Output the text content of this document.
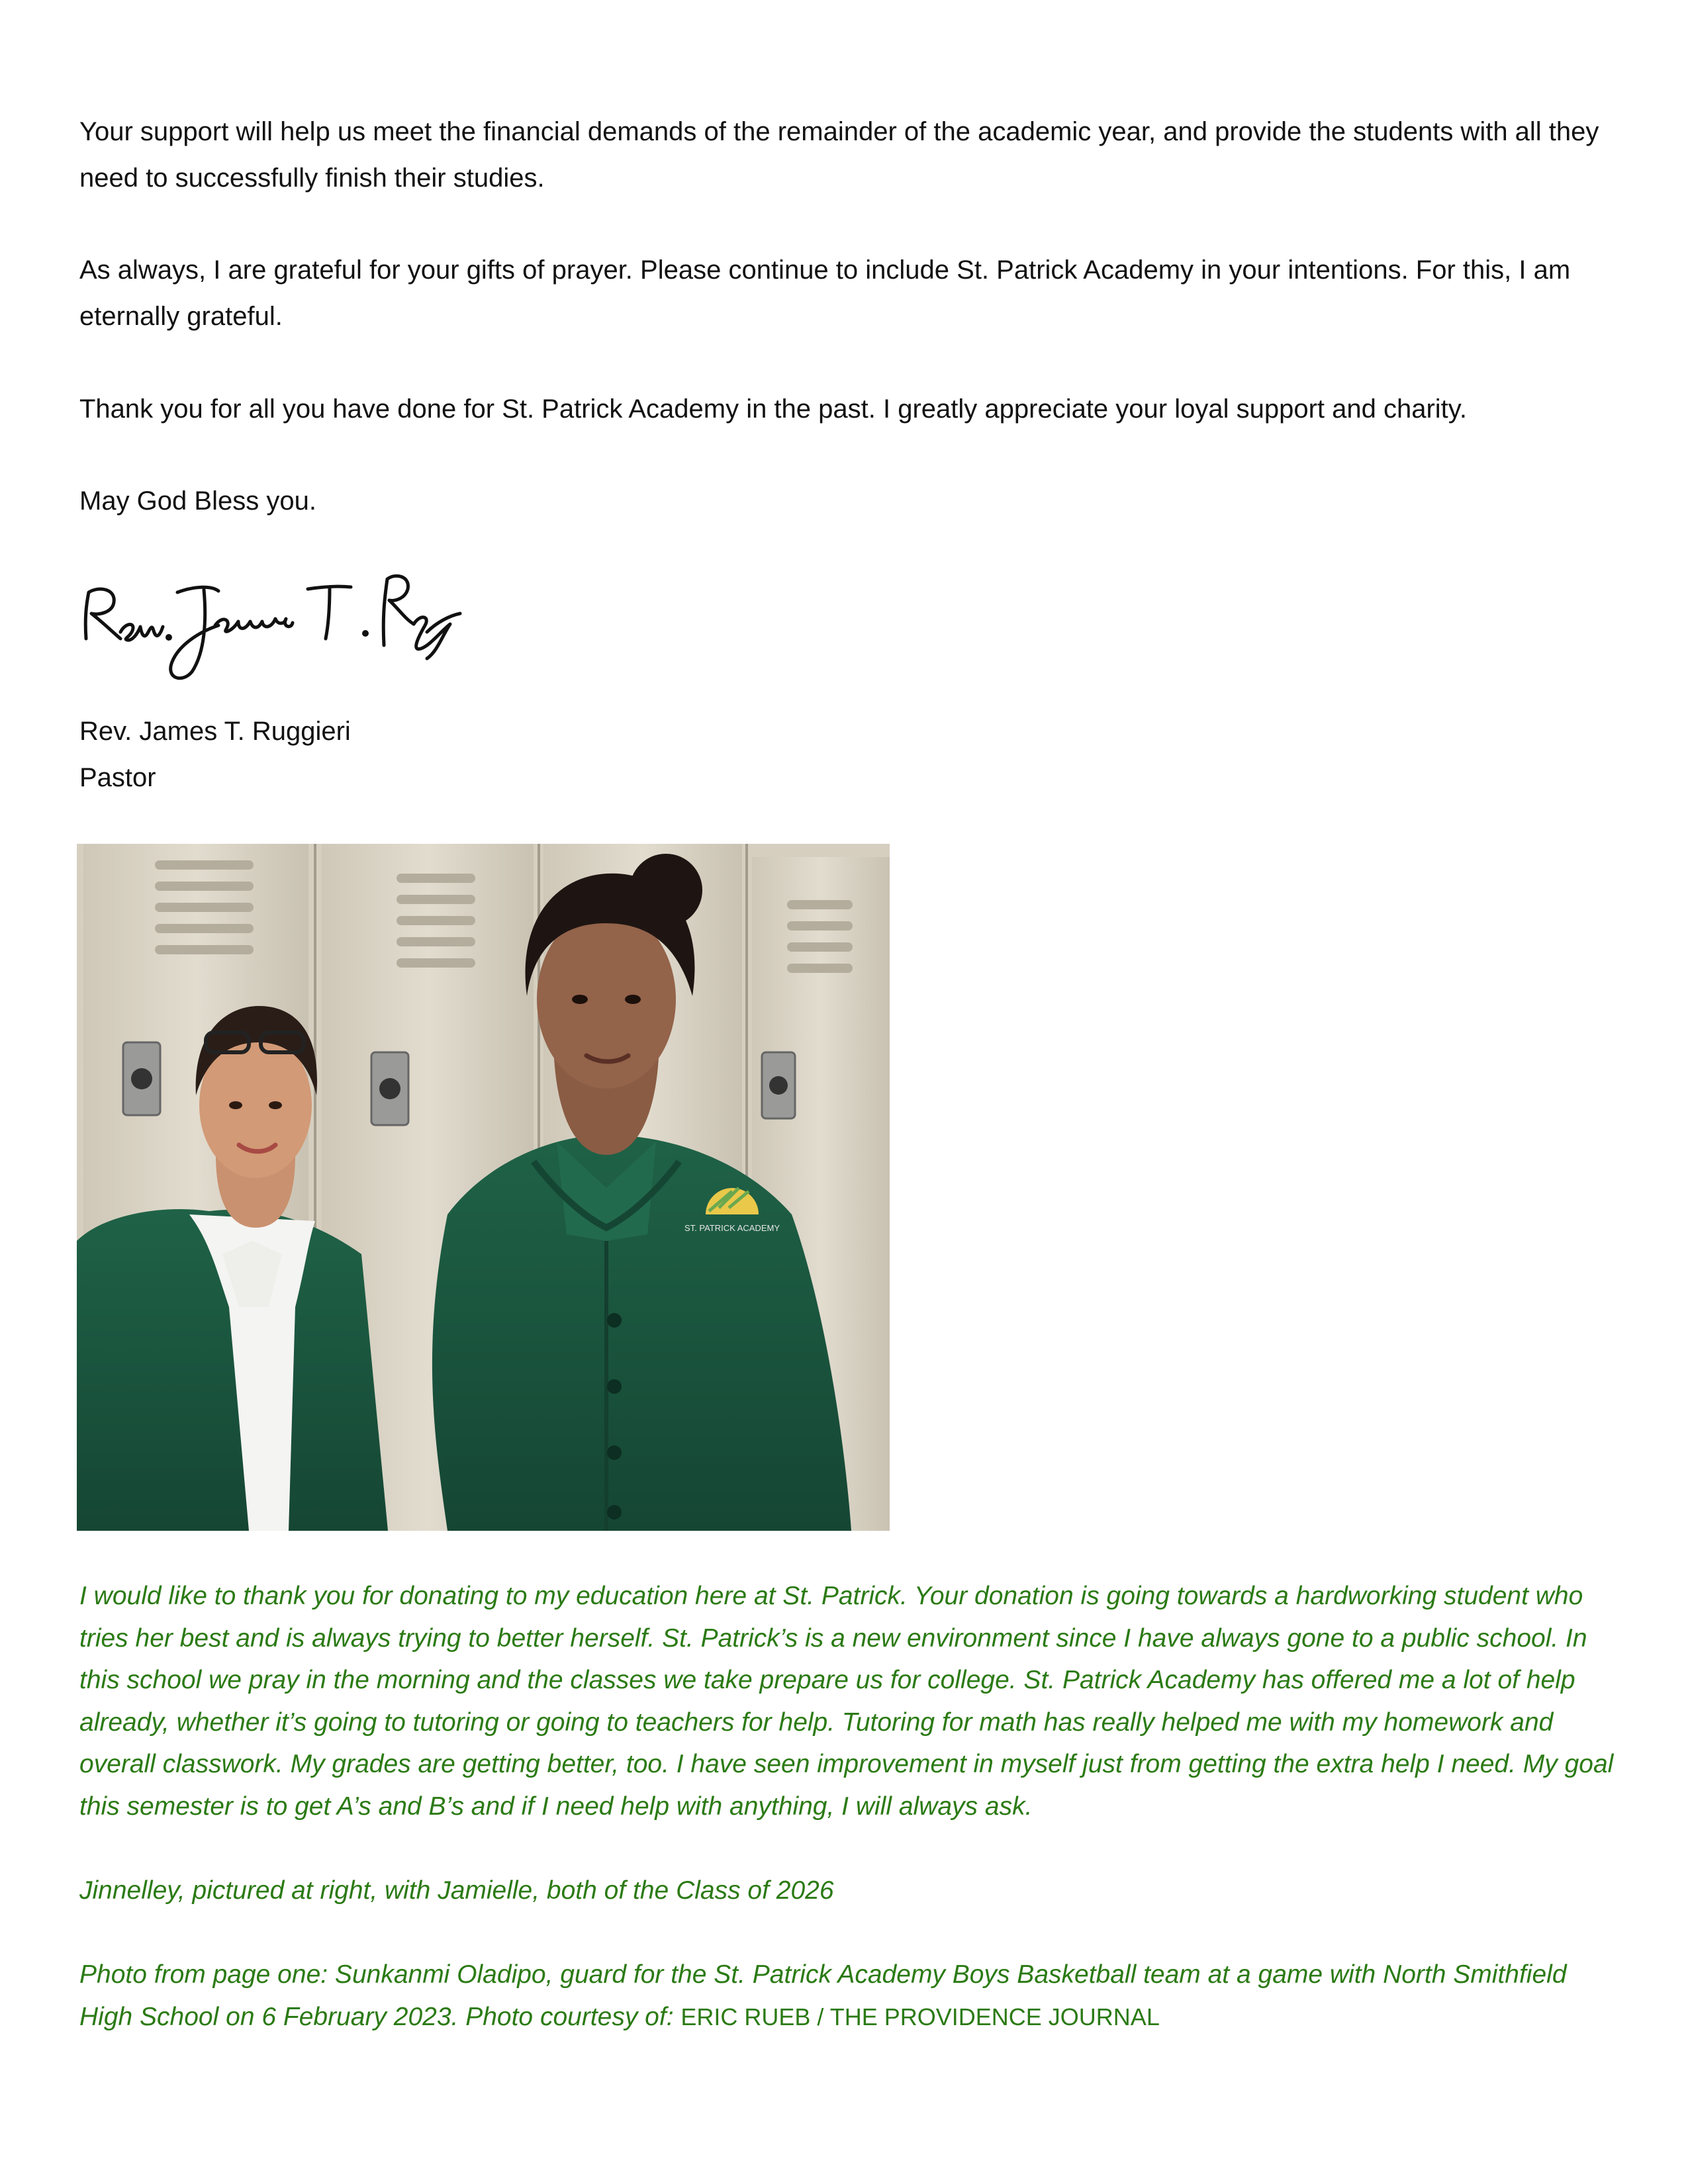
Your support will help us meet the financial demands of the remainder of the academic year, and provide the students with all they need to successfully finish their studies.

As always, I are grateful for your gifts of prayer. Please continue to include St. Patrick Academy in your intentions. For this, I am eternally grateful.

Thank you for all you have done for St. Patrick Academy in the past. I greatly appreciate your loyal support and charity.

May God Bless you.

Rev. James T. Ruggieri
Pastor

I would like to thank you for donating to my education here at St. Patrick. Your donation is going towards a hardworking student who tries her best and is always trying to better herself. St. Patrick’s is a new environment since I have always gone to a public school. In this school we pray in the morning and the classes we take prepare us for college. St. Patrick Academy has offered me a lot of help already, whether it’s going to tutoring or going to teachers for help. Tutoring for math has really helped me with my homework and overall classwork. My grades are getting better, too. I have seen improvement in myself just from getting the extra help I need. My goal this semester is to get A’s and B’s and if I need help with anything, I will always ask.

Jinnelley, pictured at right, with Jamielle, both of the Class of 2026

Photo from page one: Sunkanmi Oladipo, guard for the St. Patrick Academy Boys Basketball team at a game with North Smithfield High School on 6 February 2023. Photo courtesy of: ERIC RUEB / THE PROVIDENCE JOURNAL

ST. PATRICK ACADEMY
